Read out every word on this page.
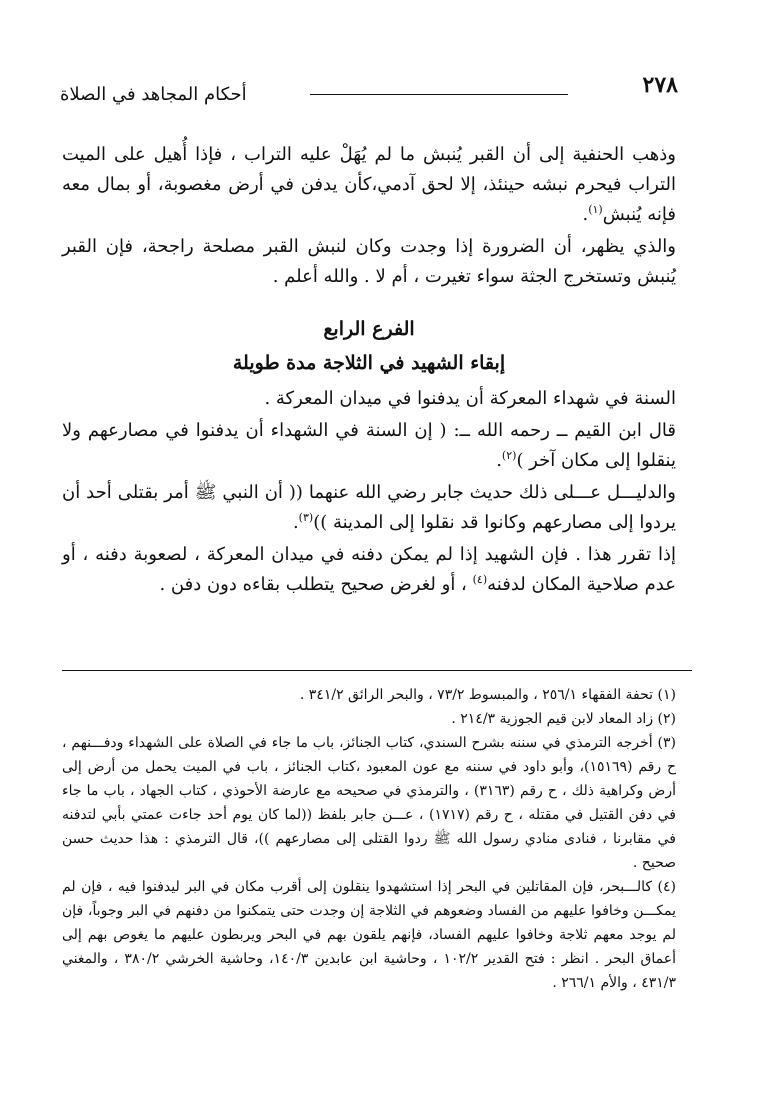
٢٧٨
أحكام المجاهد في الصلاة

وذهب الحنفية إلى أن القبر يُنبش ما لم يُهَلْ عليه التراب ، فإذا أُهيل على الميت التراب فيحرم نبشه حينئذ، إلا لحق آدمي،كأن يدفن في أرض مغصوبة، أو بمال معه فإنه يُنبش$^{(١)}$.

والذي يظهر، أن الضرورة إذا وجدت وكان لنبش القبر مصلحة راجحة، فإن القبر يُنبش وتستخرج الجثة سواء تغيرت ، أم لا . والله أعلم .

الفرع الرابع
إبقاء الشهيد في الثلاجة مدة طويلة

السنة في شهداء المعركة أن يدفنوا في ميدان المعركة .

قال ابن القيم ــ رحمه الله ــ: ( إن السنة في الشهداء أن يدفنوا في مصارعهم ولا ينقلوا إلى مكان آخر )$^{(٢)}$.

والدليـــل عـــلى ذلك حديث جابر رضي الله عنهما (( أن النبي ﷺ أمر بقتلى أحد أن يردوا إلى مصارعهم وكانوا قد نقلوا إلى المدينة ))$^{(٣)}$.

إذا تقرر هذا . فإن الشهيد إذا لم يمكن دفنه في ميدان المعركة ، لصعوبة دفنه ، أو عدم صلاحية المكان لدفنه$^{(٤)}$ ، أو لغرض صحيح يتطلب بقاءه دون دفن .

(١) تحفة الفقهاء ٢٥٦/١ ، والمبسوط ٧٣/٢ ، والبحر الرائق ٣٤١/٢ .

(٢) زاد المعاد لابن قيم الجوزية ٢١٤/٣ .

(٣) أخرجه الترمذي في سننه بشرح السندي، كتاب الجنائز، باب ما جاء في الصلاة على الشهداء ودفـــنهم ، ح رقم (١٥١٦٩)، وأبو داود في سننه مع عون المعبود ،كتاب الجنائز ، باب في الميت يحمل من أرض إلى أرض وكراهية ذلك ، ح رقم (٣١٦٣) ، والترمذي في صحيحه مع عارضة الأحوذي ، كتاب الجهاد ، باب ما جاء في دفن القتيل في مقتله ، ح رقم (١٧١٧) ، عـــن جابر بلفظ ((لما كان يوم أحد جاءت عمتي بأبي لتدفنه في مقابرنا ، فنادى منادي رسول الله ﷺ ردوا القتلى إلى مصارعهم ))، قال الترمذي : هذا حديث حسن صحيح .

(٤) كالـــبحر، فإن المقاتلين في البحر إذا استشهدوا ينقلون إلى أقرب مكان في البر ليدفنوا فيه ، فإن لم يمكـــن وخافوا عليهم من الفساد وضعوهم في الثلاجة إن وجدت حتى يتمكنوا من دفنهم في البر وجوباً، فإن لم يوجد معهم ثلاجة وخافوا عليهم الفساد، فإنهم يلقون بهم في البحر ويربطون عليهم ما يغوص بهم إلى أعماق البحر . انظر : فتح القدير ١٠٢/٢ ، وحاشية ابن عابدين ١٤٠/٣، وحاشية الخرشي ٣٨٠/٢ ، والمغني ٤٣١/٣ ، والأم ٢٦٦/١ .
